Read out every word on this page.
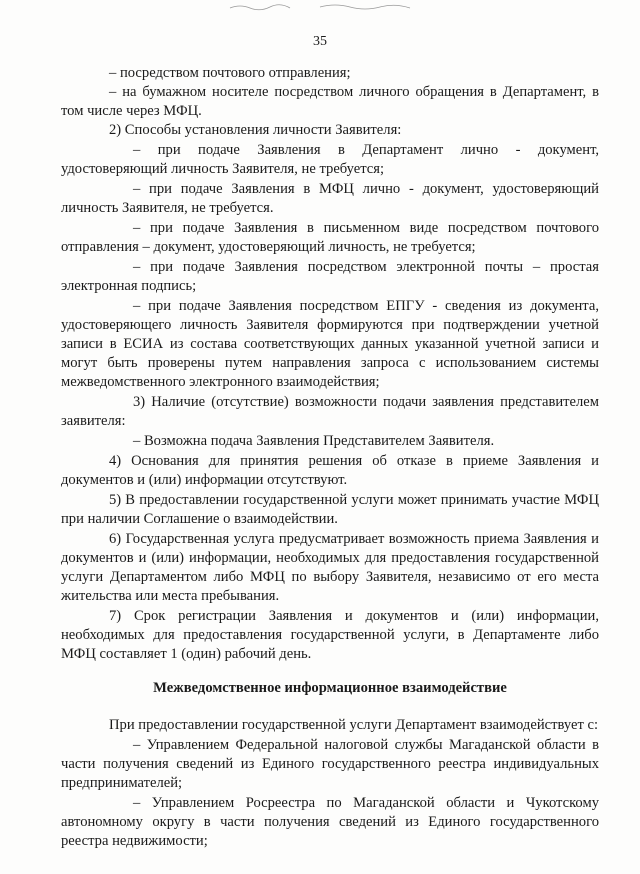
35

– посредством почтового отправления;

– на бумажном носителе посредством личного обращения в Департамент, в том числе через МФЦ.

2) Способы установления личности Заявителя:

– при подаче Заявления в Департамент лично - документ, удостоверяющий личность Заявителя, не требуется;

– при подаче Заявления в МФЦ лично - документ, удостоверяющий личность Заявителя, не требуется.

– при подаче Заявления в письменном виде посредством почтового отправления – документ, удостоверяющий личность, не требуется;

– при подаче Заявления посредством электронной почты – простая электронная подпись;

– при подаче Заявления посредством ЕПГУ - сведения из документа, удостоверяющего личность Заявителя формируются при подтверждении учетной записи в ЕСИА из состава соответствующих данных указанной учетной записи и могут быть проверены путем направления запроса с использованием системы межведомственного электронного взаимодействия;

3) Наличие (отсутствие) возможности подачи заявления представителем заявителя:

– Возможна подача Заявления Представителем Заявителя.

4) Основания для принятия решения об отказе в приеме Заявления и документов и (или) информации отсутствуют.

5) В предоставлении государственной услуги может принимать участие МФЦ при наличии Соглашение о взаимодействии.

6) Государственная услуга предусматривает возможность приема Заявления и документов и (или) информации, необходимых для предоставления государственной услуги Департаментом либо МФЦ по выбору Заявителя, независимо от его места жительства или места пребывания.

7) Срок регистрации Заявления и документов и (или) информации, необходимых для предоставления государственной услуги, в Департаменте либо МФЦ составляет 1 (один) рабочий день.

Межведомственное информационное взаимодействие

При предоставлении государственной услуги Департамент взаимодействует с:

– Управлением Федеральной налоговой службы Магаданской области в части получения сведений из Единого государственного реестра индивидуальных предпринимателей;

– Управлением Росреестра по Магаданской области и Чукотскому автономному округу в части получения сведений из Единого государственного реестра недвижимости;
